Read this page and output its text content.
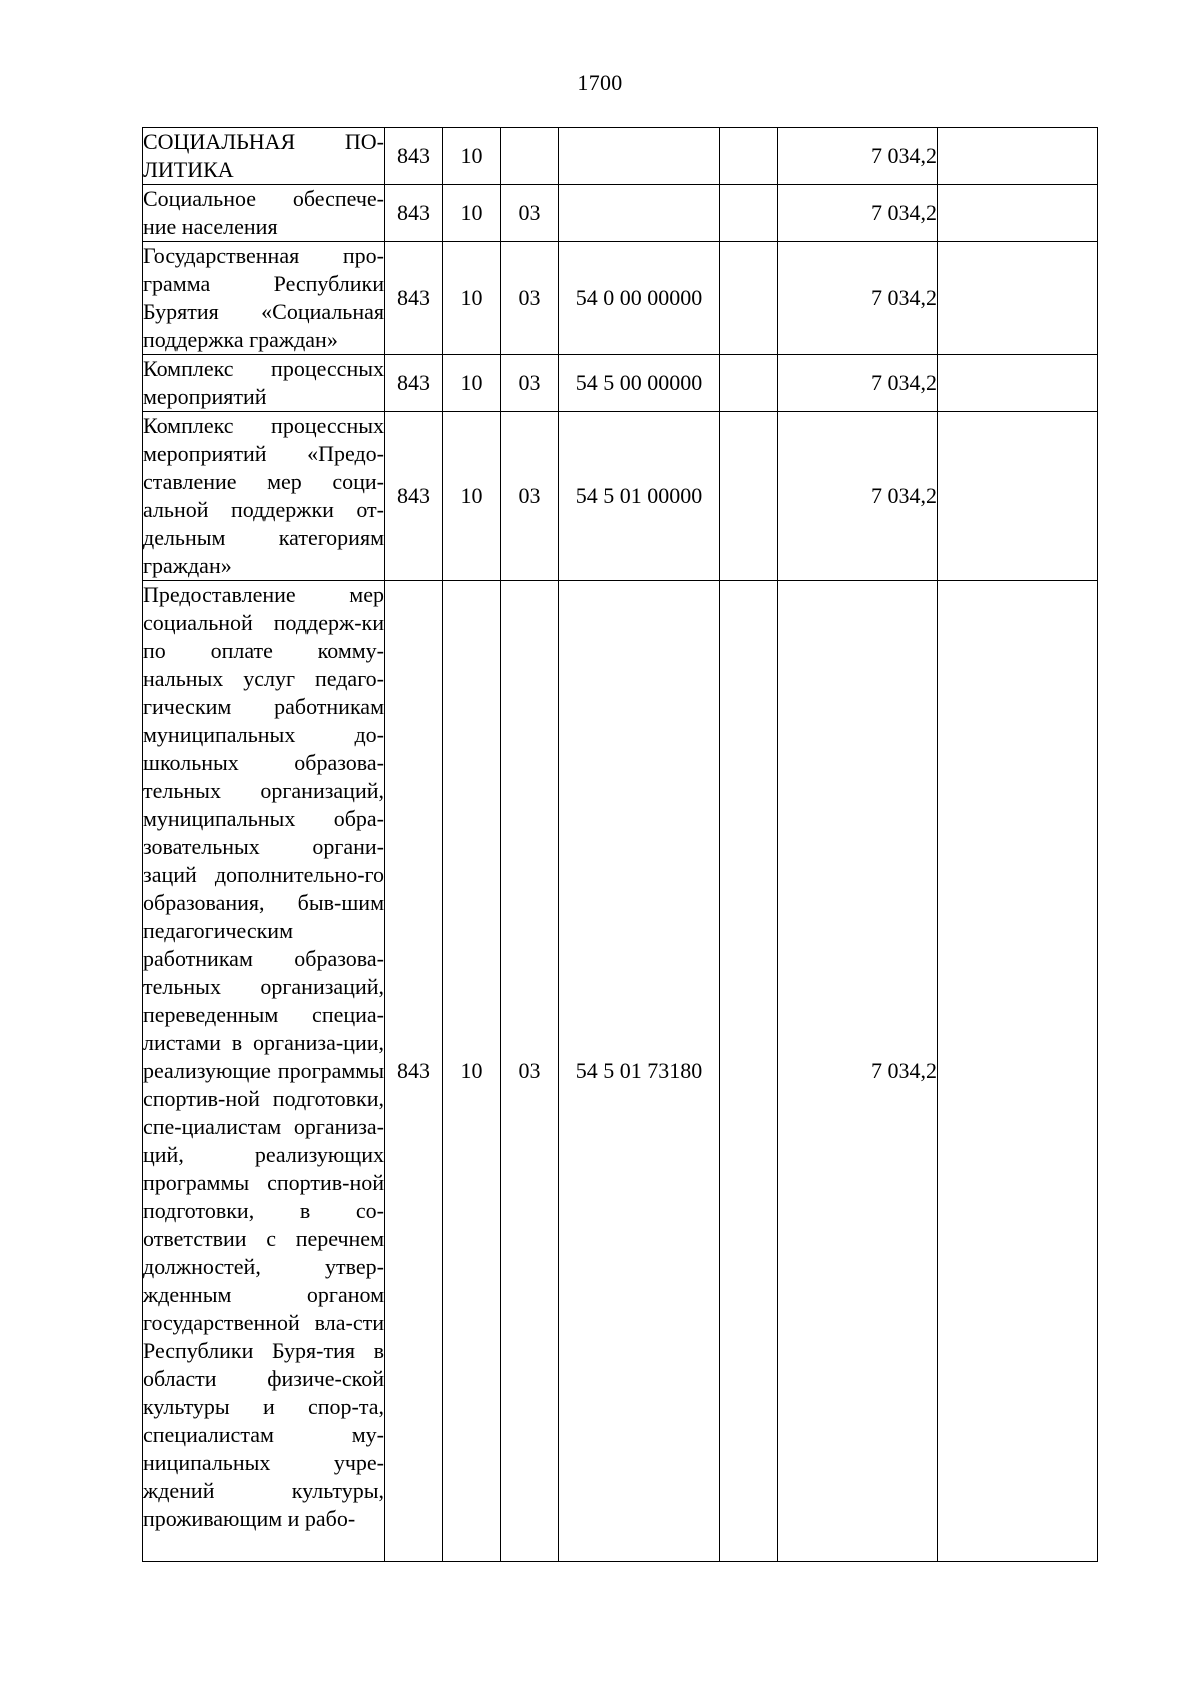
1700
СОЦИАЛЬНАЯ ПО-ЛИТИКА	843	10				7 034,2	
Социальное обеспече-ние населения	843	10	03			7 034,2	
Государственная про-грамма Республики Бурятия «Социальная поддержка граждан»	843	10	03	54 0 00 00000		7 034,2	
Комплекс процессных мероприятий	843	10	03	54 5 00 00000		7 034,2	
Комплекс процессных мероприятий «Предо-ставление мер соци-альной поддержки от-дельным категориям граждан»	843	10	03	54 5 01 00000		7 034,2	
Предоставление мер социальной поддерж-ки по оплате комму-нальных услуг педаго-гическим работникам муниципальных до-школьных образова-тельных организаций, муниципальных обра-зовательных органи-заций дополнительно-го образования, быв-шим педагогическим работникам образова-тельных организаций, переведенным специа-листами в организа-ции, реализующие программы спортив-ной подготовки, спе-циалистам организа-ций, реализующих программы спортив-ной подготовки, в со-ответствии с перечнем должностей, утвер-жденным органом государственной вла-сти Республики Буря-тия в области физиче-ской культуры и спор-та, специалистам му-ниципальных учре-ждений культуры, проживающим и рабо-	843	10	03	54 5 01 73180		7 034,2	
